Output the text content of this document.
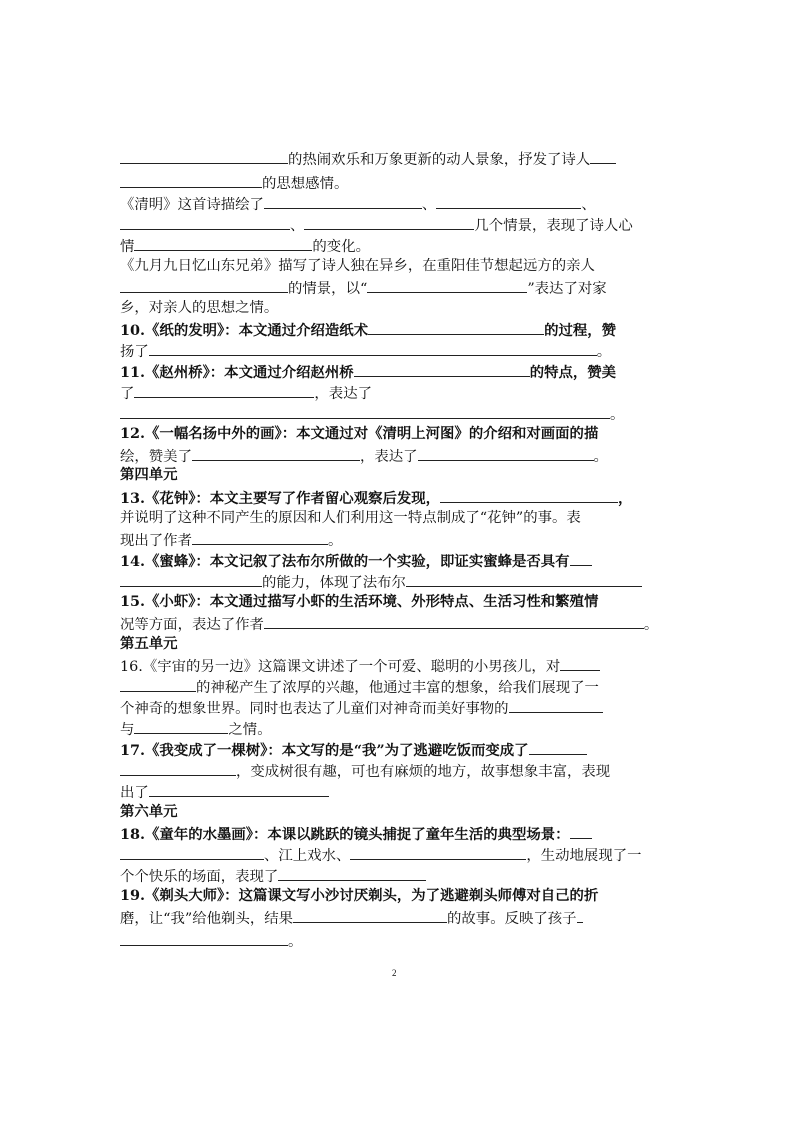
的热闹欢乐和万象更新的动人景象，抒发了诗人
的思想感情。
《清明》这首诗描绘了	、	、
、	几个情景，表现了诗人心
情	的变化。
《九月九日忆山东兄弟》描写了诗人独在异乡，在重阳佳节想起远方的亲人
的情景，以“	”表达了对家
乡，对亲人的思想之情。
10.《纸的发明》：本文通过介绍造纸术	的过程，赞
扬了	。
11.《赵州桥》：本文通过介绍赵州桥	的特点，赞美
了	，表达了
。
12.《一幅名扬中外的画》：本文通过对《清明上河图》的介绍和对画面的描
绘，赞美了	，表达了	。
第四单元
13.《花钟》：本文主要写了作者留心观察后发现，	，
并说明了这种不同产生的原因和人们利用这一特点制成了“花钟”的事。表
现出了作者	。
14.《蜜蜂》：本文记叙了法布尔所做的一个实验，即证实蜜蜂是否具有
的能力，体现了法布尔
15.《小虾》：本文通过描写小虾的生活环境、外形特点、生活习性和繁殖情
况等方面，表达了作者	。
第五单元
16.《宇宙的另一边》这篇课文讲述了一个可爱、聪明的小男孩儿，对
的神秘产生了浓厚的兴趣，他通过丰富的想象，给我们展现了一
个神奇的想象世界。同时也表达了儿童们对神奇而美好事物的
与	之情。
17.《我变成了一棵树》：本文写的是“我”为了逃避吃饭而变成了
，变成树很有趣，可也有麻烦的地方，故事想象丰富，表现
出了
第六单元
18.《童年的水墨画》：本课以跳跃的镜头捕捉了童年生活的典型场景：
、江上戏水、	，生动地展现了一
个个快乐的场面，表现了
19.《剃头大师》：这篇课文写小沙讨厌剃头，为了逃避剃头师傅对自己的折
磨，让“我”给他剃头，结果	的故事。反映了孩子
。
2
